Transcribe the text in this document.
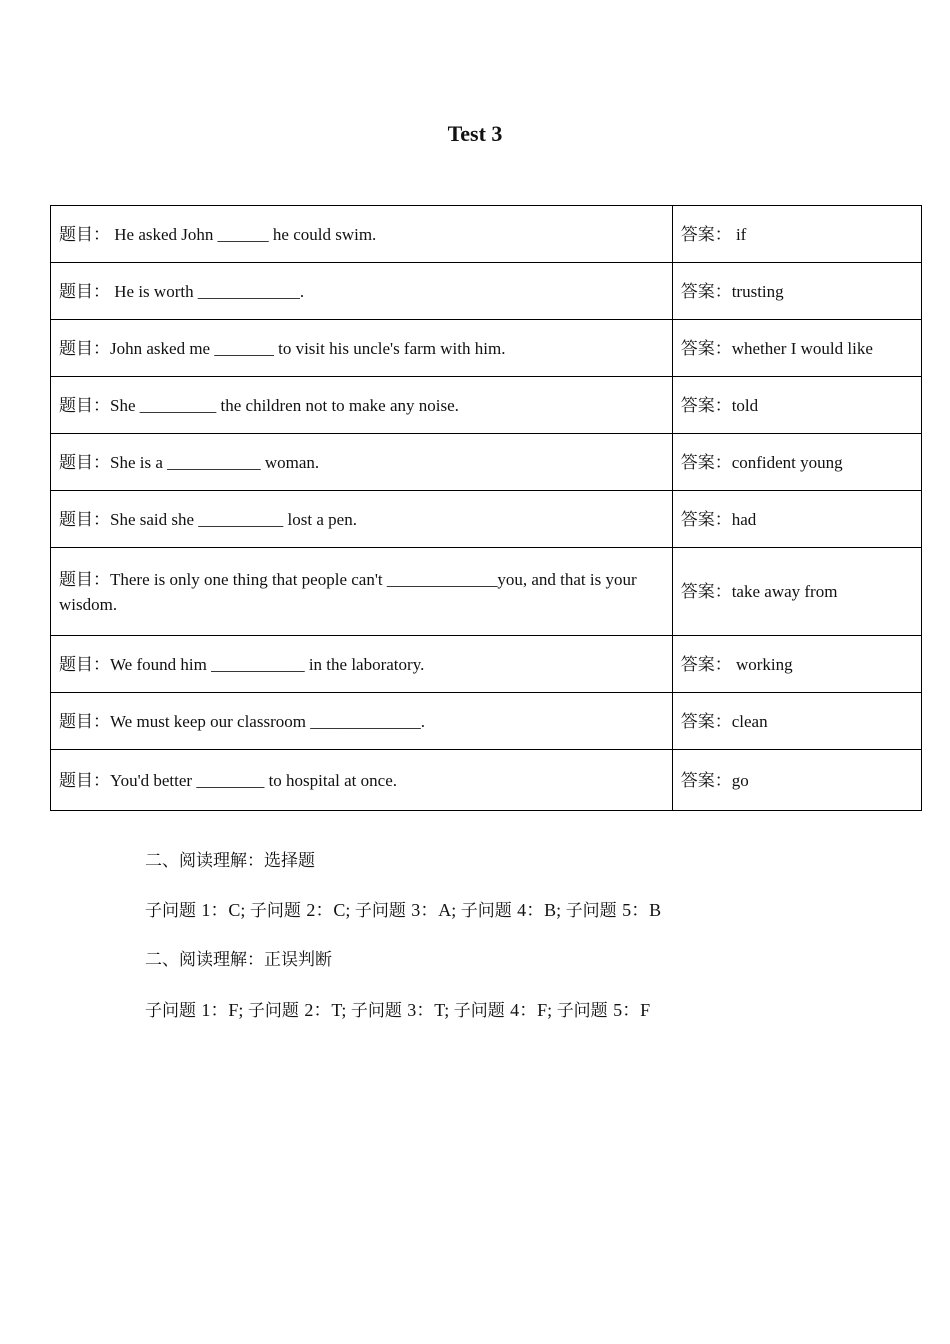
Test 3
题目： He asked John ______ he could swim.	答案： if
题目： He is worth ____________.	答案：trusting
题目：John asked me _______ to visit his uncle's farm with him.	答案：whether I would like
题目：She _________ the children not to make any noise.	答案：told
题目：She is a ___________ woman.	答案：confident young
题目：She said she __________ lost a pen.	答案：had
题目：There is only one thing that people can't _____________you, and that is your wisdom.	答案：take away from
题目：We found him ___________ in the laboratory.	答案： working
题目：We must keep our classroom _____________.	答案：clean
题目：You'd better ________ to hospital at once.	答案：go

二、阅读理解：选择题

子问题 1：C; 子问题 2：C; 子问题 3：A; 子问题 4：B; 子问题 5：B

二、阅读理解：正误判断

子问题 1：F; 子问题 2：T; 子问题 3：T; 子问题 4：F; 子问题 5：F
